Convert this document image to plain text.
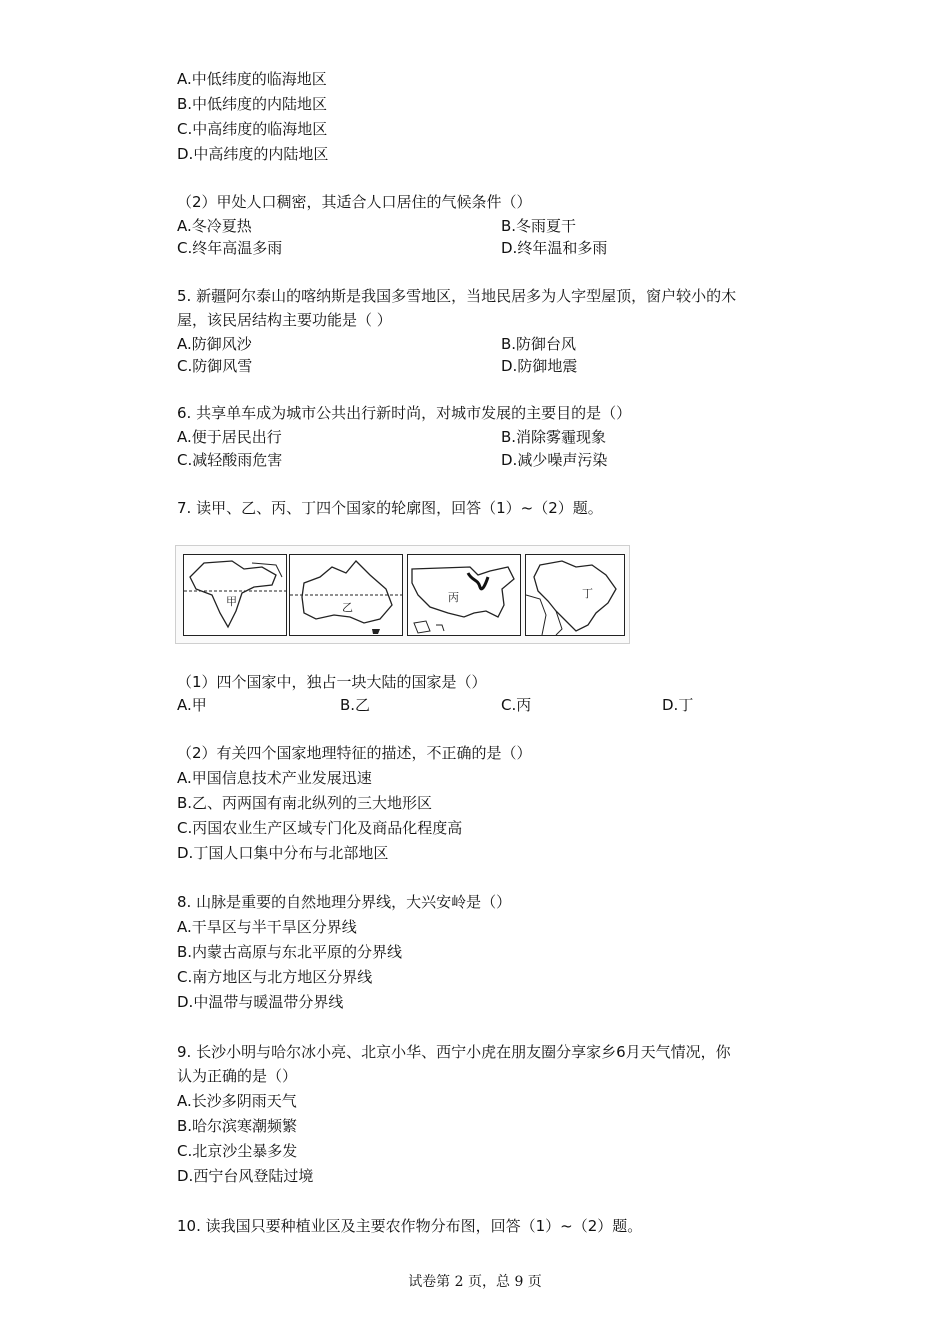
A.中低纬度的临海地区
B.中低纬度的内陆地区
C.中高纬度的临海地区
D.中高纬度的内陆地区
（2）甲处人口稠密，其适合人口居住的气候条件（）
A.冬冷夏热	B.冬雨夏干
C.终年高温多雨	D.终年温和多雨
5. 新疆阿尔泰山的喀纳斯是我国多雪地区，当地民居多为人字型屋顶，窗户较小的木
屋，该民居结构主要功能是（ ）
A.防御风沙	B.防御台风
C.防御风雪	D.防御地震
6. 共享单车成为城市公共出行新时尚，对城市发展的主要目的是（）
A.便于居民出行	B.消除雾霾现象
C.减轻酸雨危害	D.减少噪声污染
7. 读甲、乙、丙、丁四个国家的轮廓图，回答（1）~（2）题。
甲	乙
丙	丁
（1）四个国家中，独占一块大陆的国家是（）
A.甲	B.乙	C.丙	D.丁
（2）有关四个国家地理特征的描述，不正确的是（）
A.甲国信息技术产业发展迅速
B.乙、丙两国有南北纵列的三大地形区
C.丙国农业生产区域专门化及商品化程度高
D.丁国人口集中分布与北部地区
8. 山脉是重要的自然地理分界线，大兴安岭是（）
A.干旱区与半干旱区分界线
B.内蒙古高原与东北平原的分界线
C.南方地区与北方地区分界线
D.中温带与暖温带分界线
9. 长沙小明与哈尔冰小亮、北京小华、西宁小虎在朋友圈分享家乡6月天气情况，你
认为正确的是（）
A.长沙多阴雨天气
B.哈尔滨寒潮频繁
C.北京沙尘暴多发
D.西宁台风登陆过境
10. 读我国只要种植业区及主要农作物分布图，回答（1）~（2）题。
试卷第 2 页，总 9 页
